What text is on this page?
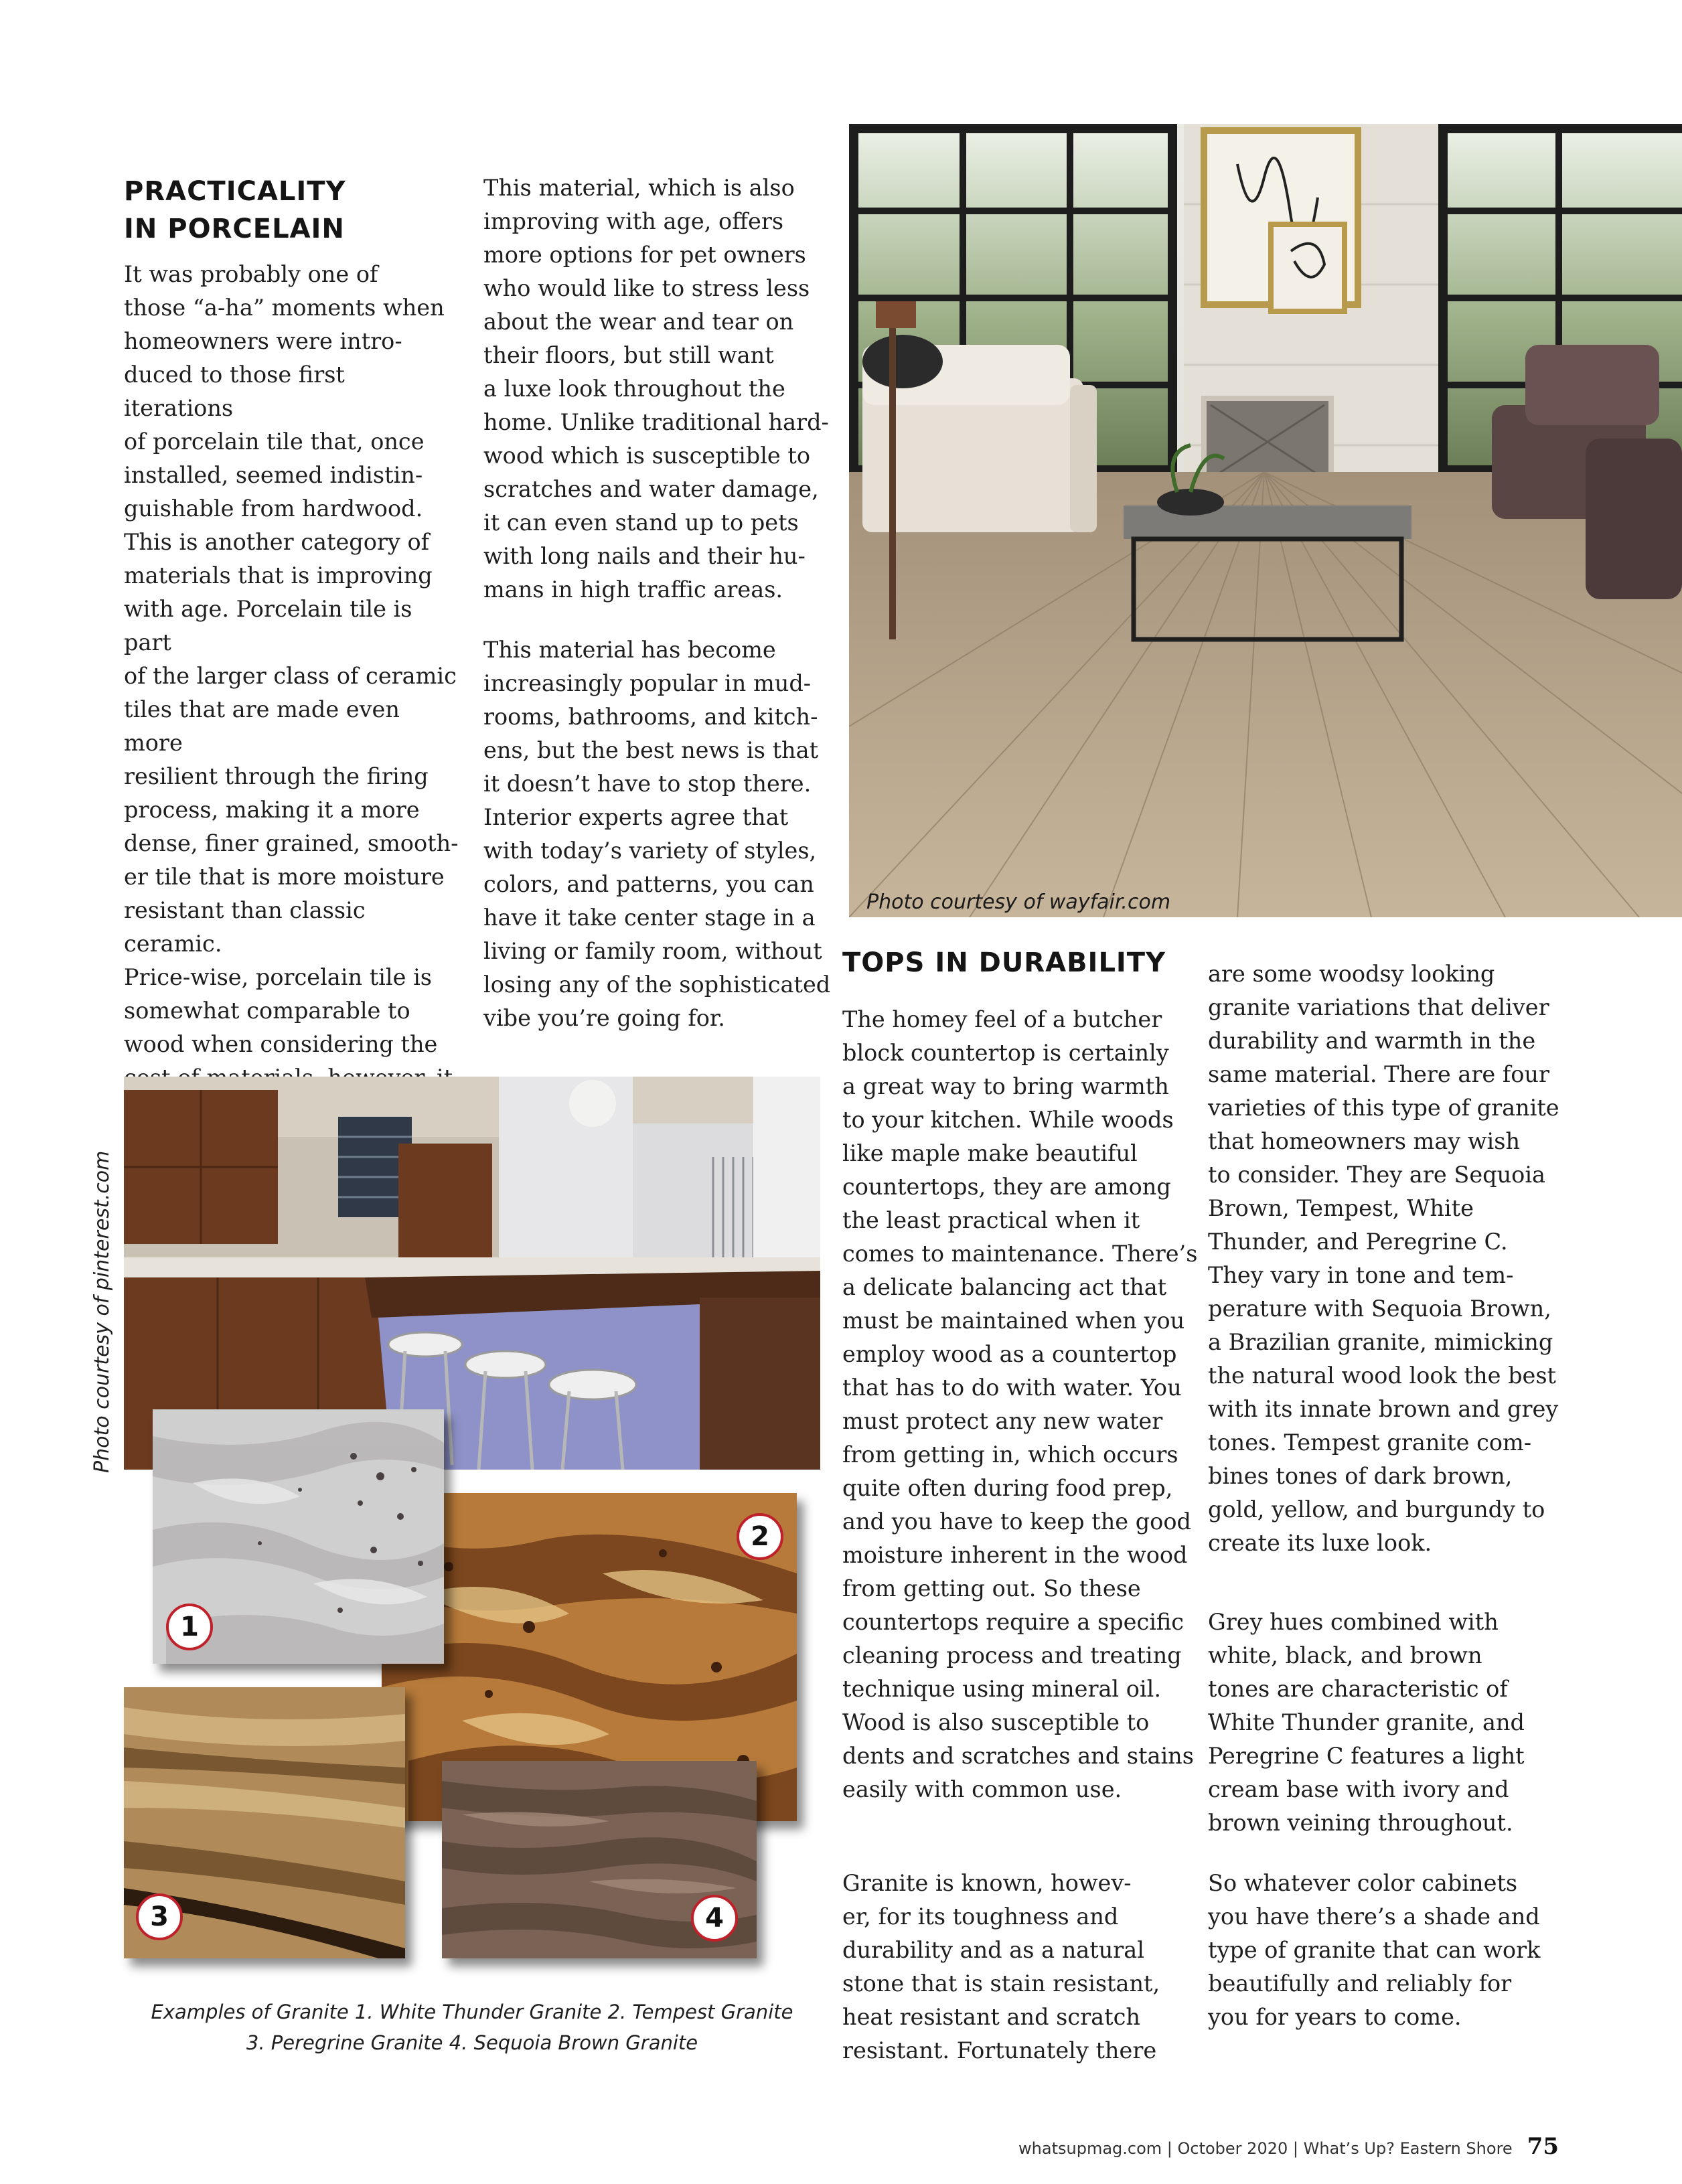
PRACTICALITY
IN PORCELAIN

It was probably one of
those “a-ha” moments when
homeowners were intro-
duced to those first iterations
of porcelain tile that, once
installed, seemed indistin-
guishable from hardwood.
This is another category of
materials that is improving
with age. Porcelain tile is part
of the larger class of ceramic
tiles that are made even more
resilient through the firing
process, making it a more
dense, finer grained, smooth-
er tile that is more moisture
resistant than classic ceramic.
Price-wise, porcelain tile is
somewhat comparable to
wood when considering the

This material, which is also
improving with age, offers
more options for pet owners
who would like to stress less
about the wear and tear on
their floors, but still want
a luxe look throughout the
home. Unlike traditional hard-
wood which is susceptible to
scratches and water damage,
it can even stand up to pets
with long nails and their hu-
mans in high traffic areas.

This material has become
increasingly popular in mud-
rooms, bathrooms, and kitch-
ens, but the best news is that
it doesn’t have to stop there.
Interior experts agree that
with today’s variety of styles,
colors, and patterns, you can
have it take center stage in a
living or family room, without
losing any of the sophisticated
vibe you’re going for.

Photo courtesy of wayfair.com
TOPS IN DURABILITY

The homey feel of a butcher
block countertop is certainly
a great way to bring warmth
to your kitchen. While woods
like maple make beautiful
countertops, they are among
the least practical when it
comes to maintenance. There’s
a delicate balancing act that
must be maintained when you
employ wood as a countertop
that has to do with water. You
must protect any new water
from getting in, which occurs
quite often during food prep,
and you have to keep the good
moisture inherent in the wood
from getting out. So these
countertops require a specific
cleaning process and treating
technique using mineral oil.
Wood is also susceptible to
dents and scratches and stains
easily with common use.

Granite is known, howev-
er, for its toughness and
durability and as a natural
stone that is stain resistant,
heat resistant and scratch
resistant. Fortunately there

are some woodsy looking
granite variations that deliver
durability and warmth in the
same material. There are four
varieties of this type of granite
that homeowners may wish
to consider. They are Sequoia
Brown, Tempest, White
Thunder, and Peregrine C.
They vary in tone and tem-
perature with Sequoia Brown,
a Brazilian granite, mimicking
the natural wood look the best
with its innate brown and grey
tones. Tempest granite com-
bines tones of dark brown,
gold, yellow, and burgundy to
create its luxe look.

Grey hues combined with
white, black, and brown
tones are characteristic of
White Thunder granite, and
Peregrine C features a light
cream base with ivory and
brown veining throughout.

So whatever color cabinets
you have there’s a shade and
type of granite that can work
beautifully and reliably for
you for years to come.

Photo courtesy of pinterest.com
2
1
3	4
Examples of Granite 1. White Thunder Granite 2. Tempest Granite
3. Peregrine Granite 4. Sequoia Brown Granite
whatsupmag.com | October 2020 | What’s Up? Eastern Shore 75
